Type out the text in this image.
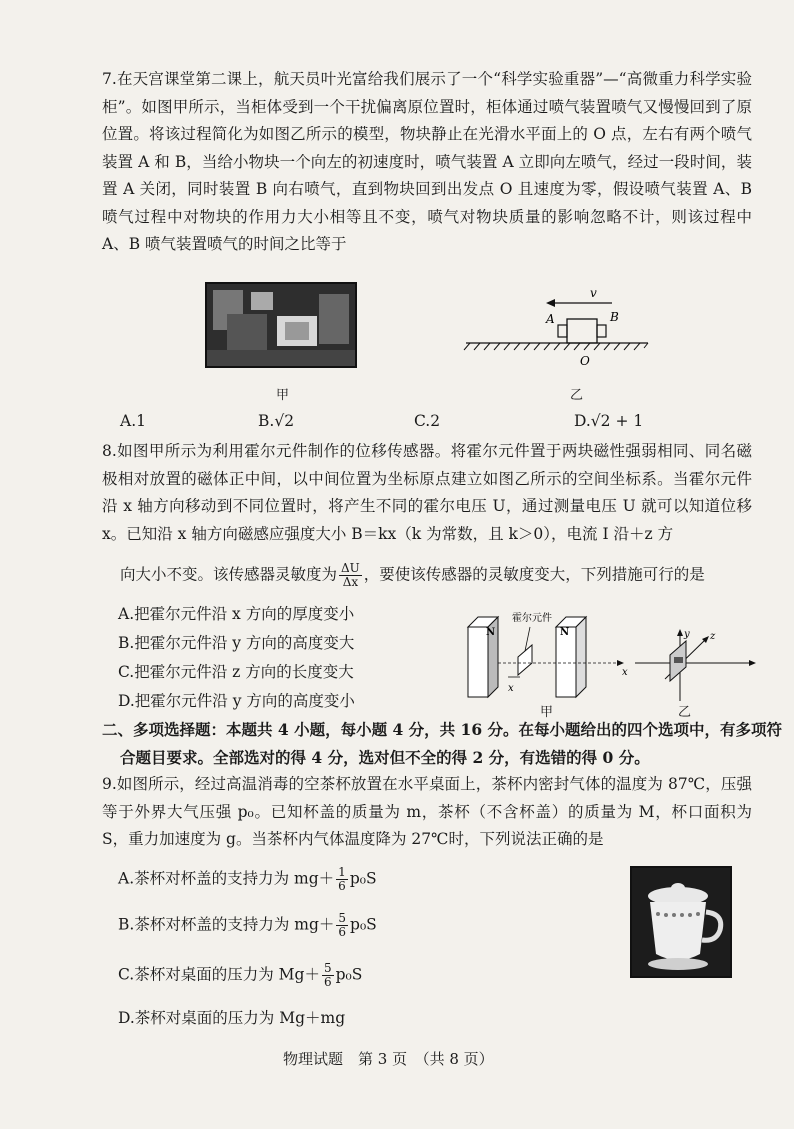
7.在天宫课堂第二课上，航天员叶光富给我们展示了一个“科学实验重器”—“高微重力科学实验柜”。如图甲所示，当柜体受到一个干扰偏离原位置时，柜体通过喷气装置喷气又慢慢回到了原位置。将该过程简化为如图乙所示的模型，物块静止在光滑水平面上的 O 点，左右有两个喷气装置 A 和 B，当给小物块一个向左的初速度时，喷气装置 A 立即向左喷气，经过一段时间，装置 A 关闭，同时装置 B 向右喷气，直到物块回到出发点 O 且速度为零，假设喷气装置 A、B 喷气过程中对物块的作用力大小相等且不变，喷气对物块质量的影响忽略不计，则该过程中 A、B 喷气装置喷气的时间之比等于

甲
v
A	B
O
乙
A.1	B.√2	C.2	D.√2 + 1

8.如图甲所示为利用霍尔元件制作的位移传感器。将霍尔元件置于两块磁性强弱相同、同名磁极相对放置的磁体正中间，以中间位置为坐标原点建立如图乙所示的空间坐标系。当霍尔元件沿 x 轴方向移动到不同位置时，将产生不同的霍尔电压 U，通过测量电压 U 就可以知道位移 x。已知沿 x 轴方向磁感应强度大小 B＝kx（k 为常数，且 k＞0），电流 I 沿＋z 方

向大小不变。该传感器灵敏度为 $\frac{\Delta U}{\Delta x}$ ，要使该传感器的灵敏度变大，下列措施可行的是
A.把霍尔元件沿 x 方向的厚度变小
B.把霍尔元件沿 y 方向的高度变大
C.把霍尔元件沿 z 方向的长度变大
D.把霍尔元件沿 y 方向的高度变小
N
霍尔元件
N
x
x
y z
甲	乙
二、多项选择题：本题共 4 小题，每小题 4 分，共 16 分。在每小题给出的四个选项中，有多项符
合题目要求。全部选对的得 4 分，选对但不全的得 2 分，有选错的得 0 分。

9.如图所示，经过高温消毒的空茶杯放置在水平桌面上，茶杯内密封气体的温度为 87℃，压强等于外界大气压强 p₀。已知杯盖的质量为 m，茶杯（不含杯盖）的质量为 M，杯口面积为 S，重力加速度为 g。当茶杯内气体温度降为 27℃时，下列说法正确的是

A.茶杯对杯盖的支持力为 $mg+ \frac{1}{6} p_0S$
B.茶杯对杯盖的支持力为 $mg+ \frac{5}{6} p_0S$
C.茶杯对桌面的压力为 $Mg+ \frac{5}{6} p_0S$
D.茶杯对桌面的压力为 Mg＋mg
物理试题　第 3 页　（共 8 页）
